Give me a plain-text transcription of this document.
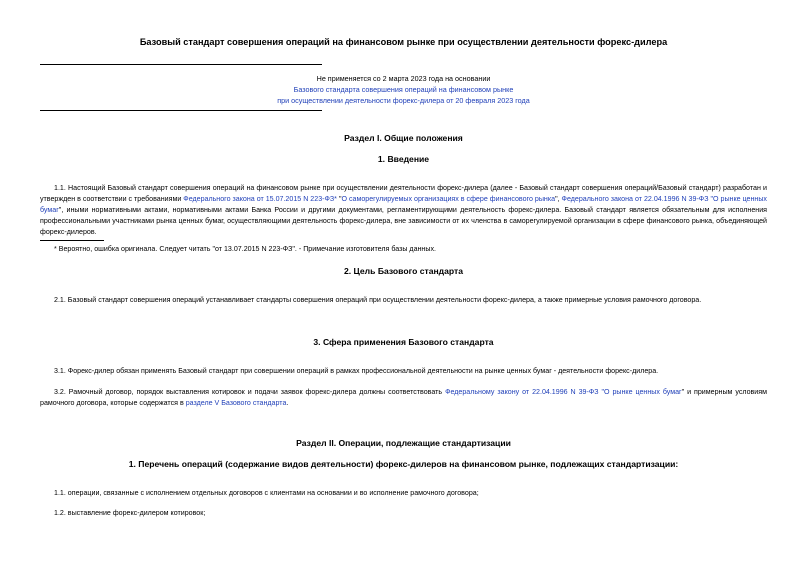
Базовый стандарт совершения операций на финансовом рынке при осуществлении деятельности форекс-дилера
Не применяется со 2 марта 2023 года на основании
Базового стандарта совершения операций на финансовом рынке
при осуществлении деятельности форекс-дилера от 20 февраля 2023 года
Раздел I. Общие положения
1. Введение
1.1. Настоящий Базовый стандарт совершения операций на финансовом рынке при осуществлении деятельности форекс-дилера (далее - Базовый стандарт совершения операций/Базовый стандарт) разработан и утвержден в соответствии с требованиями Федерального закона от 15.07.2015 N 223-ФЗ* "О саморегулируемых организациях в сфере финансового рынка", Федерального закона от 22.04.1996 N 39-ФЗ "О рынке ценных бумаг", иными нормативными актами, нормативными актами Банка России и другими документами, регламентирующими деятельность форекс-дилера. Базовый стандарт является обязательным для исполнения профессиональными участниками рынка ценных бумаг, осуществляющими деятельность форекс-дилера, вне зависимости от их членства в саморегулируемой организации в сфере финансового рынка, объединяющей форекс-дилеров.
* Вероятно, ошибка оригинала. Следует читать "от 13.07.2015 N 223-ФЗ". - Примечание изготовителя базы данных.
2. Цель Базового стандарта
2.1. Базовый стандарт совершения операций устанавливает стандарты совершения операций при осуществлении деятельности форекс-дилера, а также примерные условия рамочного договора.
3. Сфера применения Базового стандарта
3.1. Форекс-дилер обязан применять Базовый стандарт при совершении операций в рамках профессиональной деятельности на рынке ценных бумаг - деятельности форекс-дилера.
3.2. Рамочный договор, порядок выставления котировок и подачи заявок форекс-дилера должны соответствовать Федеральному закону от 22.04.1996 N 39-ФЗ "О рынке ценных бумаг" и примерным условиям рамочного договора, которые содержатся в разделе V Базового стандарта.
Раздел II. Операции, подлежащие стандартизации
1. Перечень операций (содержание видов деятельности) форекс-дилеров на финансовом рынке, подлежащих стандартизации:
1.1. операции, связанные с исполнением отдельных договоров с клиентами на основании и во исполнение рамочного договора;
1.2. выставление форекс-дилером котировок;
